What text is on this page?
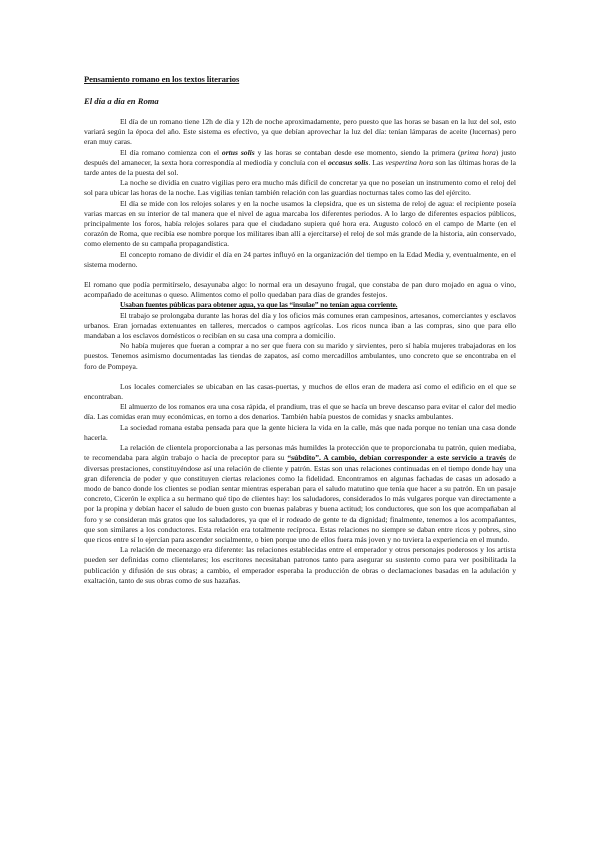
Pensamiento romano en los textos literarios
El día a día en Roma

El día de un romano tiene 12h de día y 12h de noche aproximadamente, pero puesto que las horas se basan en la luz del sol, esto variará según la época del año. Este sistema es efectivo, ya que debían aprovechar la luz del día: tenían lámparas de aceite (lucernas) pero eran muy caras.

El día romano comienza con el ortus solis y las horas se contaban desde ese momento, siendo la primera (prima hora) justo después del amanecer, la sexta hora correspondía al mediodía y concluía con el occasus solis. Las vespertina hora son las últimas horas de la tarde antes de la puesta del sol.

La noche se dividía en cuatro vigilias pero era mucho más difícil de concretar ya que no poseían un instrumento como el reloj del sol para ubicar las horas de la noche. Las vigilias tenían también relación con las guardias nocturnas tales como las del ejército.

El día se mide con los relojes solares y en la noche usamos la clepsidra, que es un sistema de reloj de agua: el recipiente poseía varias marcas en su interior de tal manera que el nivel de agua marcaba los diferentes periodos. A lo largo de diferentes espacios públicos, principalmente los foros, había relojes solares para que el ciudadano supiera qué hora era. Augusto colocó en el campo de Marte (en el corazón de Roma, que recibía ese nombre porque los militares iban allí a ejercitarse) el reloj de sol más grande de la historia, aún conservado, como elemento de su campaña propagandística.

El concepto romano de dividir el día en 24 partes influyó en la organización del tiempo en la Edad Media y, eventualmente, en el sistema moderno.

El romano que podía permitírselo, desayunaba algo: lo normal era un desayuno frugal, que constaba de pan duro mojado en agua o vino, acompañado de aceitunas o queso. Alimentos como el pollo quedaban para días de grandes festejos.

Usaban fuentes públicas para obtener agua, ya que las “insulae” no tenían agua corriente.

El trabajo se prolongaba durante las horas del día y los oficios más comunes eran campesinos, artesanos, comerciantes y esclavos urbanos. Eran jornadas extenuantes en talleres, mercados o campos agrícolas. Los ricos nunca iban a las compras, sino que para ello mandaban a los esclavos domésticos o recibían en su casa una compra a domicilio.

No había mujeres que fueran a comprar a no ser que fuera con su marido y sirvientes, pero sí había mujeres trabajadoras en los puestos. Tenemos asimismo documentadas las tiendas de zapatos, así como mercadillos ambulantes, uno concreto que se encontraba en el foro de Pompeya.

Los locales comerciales se ubicaban en las casas-puertas, y muchos de ellos eran de madera así como el edificio en el que se encontraban.

El almuerzo de los romanos era una cosa rápida, el prandium, tras el que se hacía un breve descanso para evitar el calor del medio día. Las comidas eran muy económicas, en torno a dos denarios. También había puestos de comidas y snacks ambulantes.

La sociedad romana estaba pensada para que la gente hiciera la vida en la calle, más que nada porque no tenían una casa donde hacerla.

La relación de clientela proporcionaba a las personas más humildes la protección que te proporcionaba tu patrón, quien mediaba, te recomendaba para algún trabajo o hacía de preceptor para su “súbdito”. A cambio, debían corresponder a este servicio a través de diversas prestaciones, constituyéndose así una relación de cliente y patrón. Estas son unas relaciones continuadas en el tiempo donde hay una gran diferencia de poder y que constituyen ciertas relaciones como la fidelidad. Encontramos en algunas fachadas de casas un adosado a modo de banco donde los clientes se podían sentar mientras esperaban para el saludo matutino que tenía que hacer a su patrón. En un pasaje concreto, Cicerón le explica a su hermano qué tipo de clientes hay: los saludadores, considerados lo más vulgares porque van directamente a por la propina y debían hacer el saludo de buen gusto con buenas palabras y buena actitud; los conductores, que son los que acompañaban al foro y se consideran más gratos que los saludadores, ya que el ir rodeado de gente te da dignidad; finalmente, tenemos a los acompañantes, que son similares a los conductores. Esta relación era totalmente recíproca. Estas relaciones no siempre se daban entre ricos y pobres, sino que ricos entre sí lo ejercían para ascender socialmente, o bien porque uno de ellos fuera más joven y no tuviera la experiencia en el mundo.

La relación de mecenazgo era diferente: las relaciones establecidas entre el emperador y otros personajes poderosos y los artista pueden ser definidas como clientelares; los escritores necesitaban patronos tanto para asegurar su sustento como para ver posibilitada la publicación y difusión de sus obras; a cambio, el emperador esperaba la producción de obras o declamaciones basadas en la adulación y exaltación, tanto de sus obras como de sus hazañas.
